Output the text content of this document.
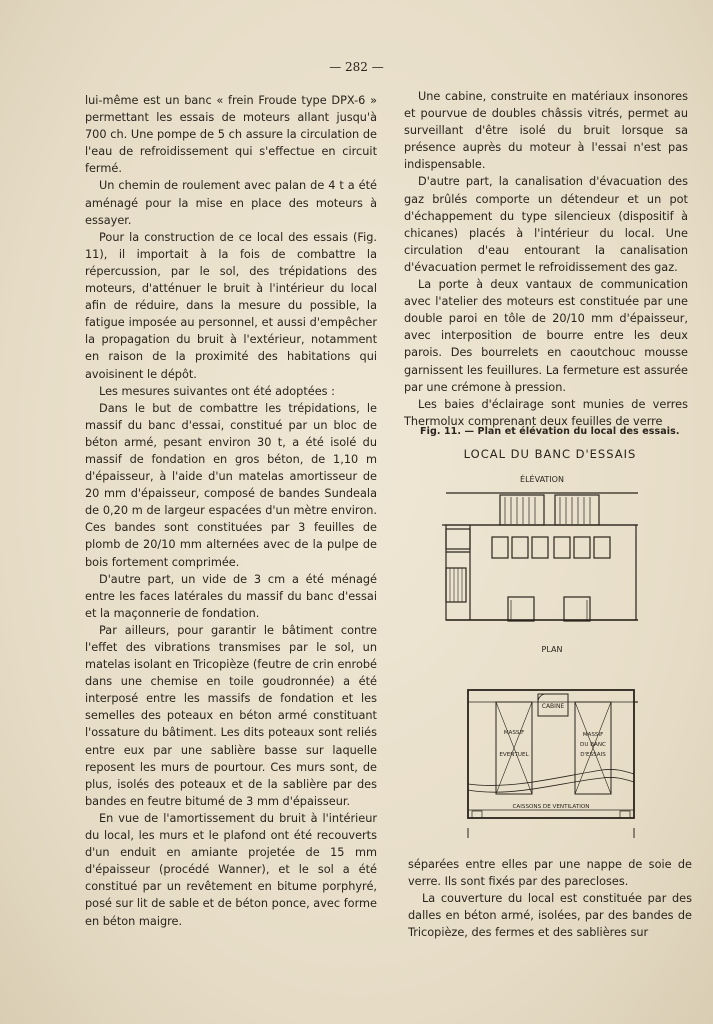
— 282 —

lui-même est un banc « frein Froude type DPX-6 » permettant les essais de moteurs allant jusqu'à 700 ch. Une pompe de 5 ch assure la circulation de l'eau de refroidissement qui s'effectue en circuit fermé.

Un chemin de roulement avec palan de 4 t a été aménagé pour la mise en place des moteurs à essayer.

Pour la construction de ce local des essais (Fig. 11), il importait à la fois de combattre la répercussion, par le sol, des trépidations des moteurs, d'atténuer le bruit à l'intérieur du local afin de réduire, dans la mesure du possible, la fatigue imposée au personnel, et aussi d'empêcher la propagation du bruit à l'extérieur, notamment en raison de la proximité des habitations qui avoisinent le dépôt.

Les mesures suivantes ont été adoptées :

Dans le but de combattre les trépidations, le massif du banc d'essai, constitué par un bloc de béton armé, pesant environ 30 t, a été isolé du massif de fondation en gros béton, de 1,10 m d'épaisseur, à l'aide d'un matelas amortisseur de 20 mm d'épaisseur, composé de bandes Sundeala de 0,20 m de largeur espacées d'un mètre environ. Ces bandes sont constituées par 3 feuilles de plomb de 20/10 mm alternées avec de la pulpe de bois fortement comprimée.

D'autre part, un vide de 3 cm a été ménagé entre les faces latérales du massif du banc d'essai et la maçonnerie de fondation.

Par ailleurs, pour garantir le bâtiment contre l'effet des vibrations transmises par le sol, un matelas isolant en Tricopièze (feutre de crin enrobé dans une chemise en toile goudronnée) a été interposé entre les massifs de fondation et les semelles des poteaux en béton armé constituant l'ossature du bâtiment. Les dits poteaux sont reliés entre eux par une sablière basse sur laquelle reposent les murs de pourtour. Ces murs sont, de plus, isolés des poteaux et de la sablière par des bandes en feutre bitumé de 3 mm d'épaisseur.

En vue de l'amortissement du bruit à l'intérieur du local, les murs et le plafond ont été recouverts d'un enduit en amiante projetée de 15 mm d'épaisseur (procédé Wanner), et le sol a été constitué par un revêtement en bitume porphyré, posé sur lit de sable et de béton ponce, avec forme en béton maigre.

Une cabine, construite en matériaux insonores et pourvue de doubles châssis vitrés, permet au surveillant d'être isolé du bruit lorsque sa présence auprès du moteur à l'essai n'est pas indispensable.

D'autre part, la canalisation d'évacuation des gaz brûlés comporte un détendeur et un pot d'échappement du type silencieux (dispositif à chicanes) placés à l'intérieur du local. Une circulation d'eau entourant la canalisation d'évacuation permet le refroidissement des gaz.

La porte à deux vantaux de communication avec l'atelier des moteurs est constituée par une double paroi en tôle de 20/10 mm d'épaisseur, avec interposition de bourre entre les deux parois. Des bourrelets en caoutchouc mousse garnissent les feuillures. La fermeture est assurée par une crémone à pression.

Les baies d'éclairage sont munies de verres Thermolux comprenant deux feuilles de verre

Fig. 11. — Plan et élévation du local des essais.
LOCAL DU BANC D'ESSAIS
ÉLÉVATION
PLAN
CABINE
MASSIF
EVENTUEL
MASSIF
DU BANC
D'ESSAIS
CAISSONS DE VENTILATION

séparées entre elles par une nappe de soie de verre. Ils sont fixés par des parecloses.

La couverture du local est constituée par des dalles en béton armé, isolées, par des bandes de Tricopièze, des fermes et des sablières sur
